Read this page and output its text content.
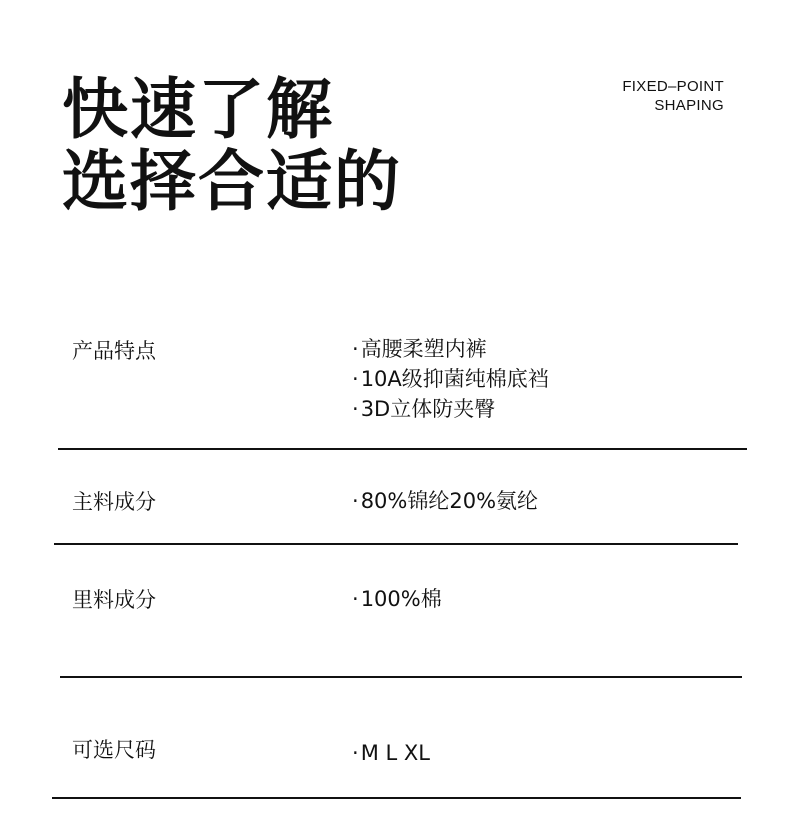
快速了解
选择合适的
FIXED–POINT
SHAPING
产品特点	· 高腰柔塑内裤
· 10A级抑菌纯棉底裆
· 3D立体防夹臀
主料成分	· 80%锦纶20%氨纶
里料成分	· 100%棉
可选尺码	· M L XL
